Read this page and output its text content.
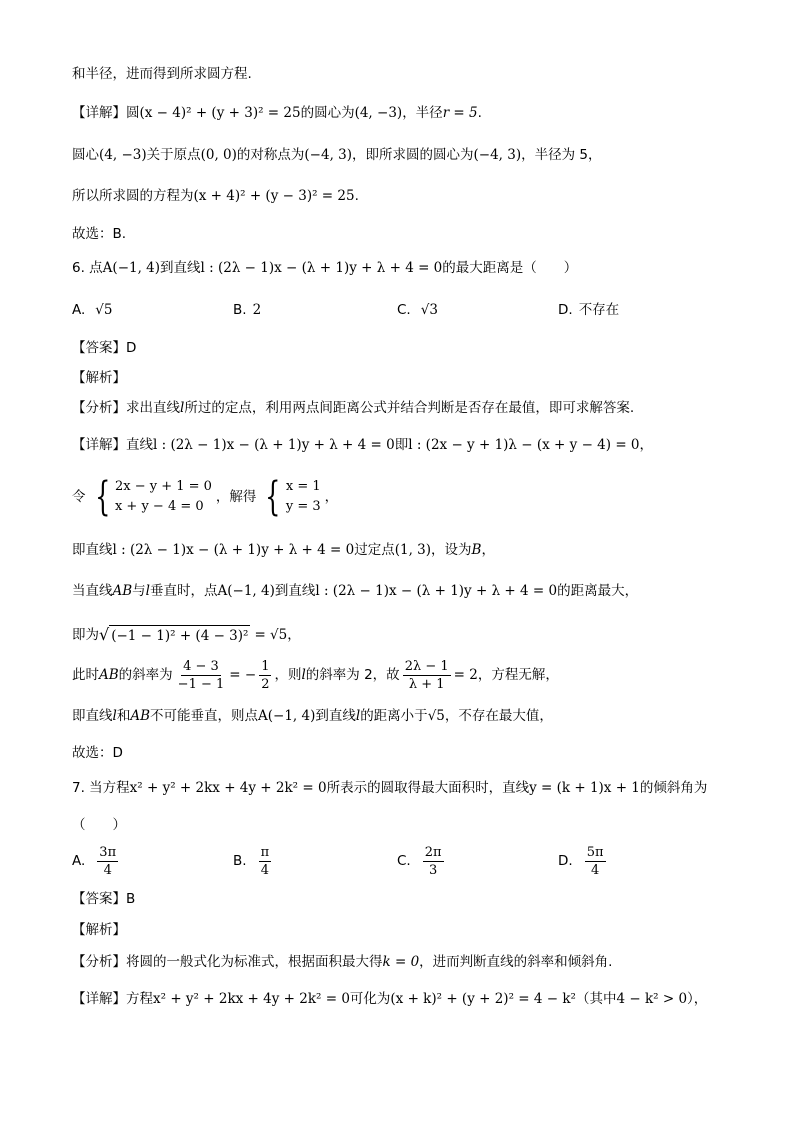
和半径，进而得到所求圆方程.
【详解】圆 (x − 4)² + (y + 3)² = 25 的圆心为 (4, −3) ，半径 r = 5 .
圆心 (4, −3) 关于原点 (0, 0) 的对称点为 (−4, 3) ，即所求圆的圆心为 (−4, 3) ，半径为 5，
所以所求圆的方程为 (x + 4)² + (y − 3)² = 25 .
故选：B.
6. 点 A(−1, 4) 到直线 l : (2λ − 1)x − (λ + 1)y + λ + 4 = 0 的最大距离是（　　）
A. √5	B. 2	C. √3	D. 不存在
【答案】D
【解析】
【分析】求出直线 l 所过的定点，利用两点间距离公式并结合判断是否存在最值，即可求解答案.
【详解】直线 l : (2λ − 1)x − (λ + 1)y + λ + 4 = 0 即 l : (2x − y + 1)λ − (x + y − 4) = 0 ，
令 { 2x − y + 1 = 0
x + y − 4 = 0
，解得 { x = 1
y = 3
，
即直线 l : (2λ − 1)x − (λ + 1)y + λ + 4 = 0 过定点 (1, 3) ，设为 B ，
当直线 AB 与 l 垂直时，点 A(−1, 4) 到直线 l : (2λ − 1)x − (λ + 1)y + λ + 4 = 0 的距离最大，
即为 √ (−1 − 1)² + (4 − 3)² = √5 ，
此时 AB 的斜率为 $\frac{4 - 3}{-1 - 1}$ = − $\frac{1}{2}$ ，则 l 的斜率为 2，故 $\frac{2\lambda - 1}{\lambda + 1} = 2$ ，方程无解，
即直线 l 和 AB 不可能垂直，则点 A(−1, 4) 到直线 l 的距离小于 √5 ，不存在最大值，
故选：D
7. 当方程 x² + y² + 2kx + 4y + 2k² = 0 所表示的圆取得最大面积时，直线 y = (k + 1)x + 1 的倾斜角为
（　　）
A. $\frac{3\pi}{4}$	B. $\frac{\pi}{4}$	C. $\frac{2\pi}{3}$	D. $\frac{5\pi}{4}$
【答案】B
【解析】
【分析】将圆的一般式化为标准式，根据面积最大得 k = 0 ，进而判断直线的斜率和倾斜角.
【详解】方程 x² + y² + 2kx + 4y + 2k² = 0 可化为 (x + k)² + (y + 2)² = 4 − k² （其中 4 − k² > 0 ），
